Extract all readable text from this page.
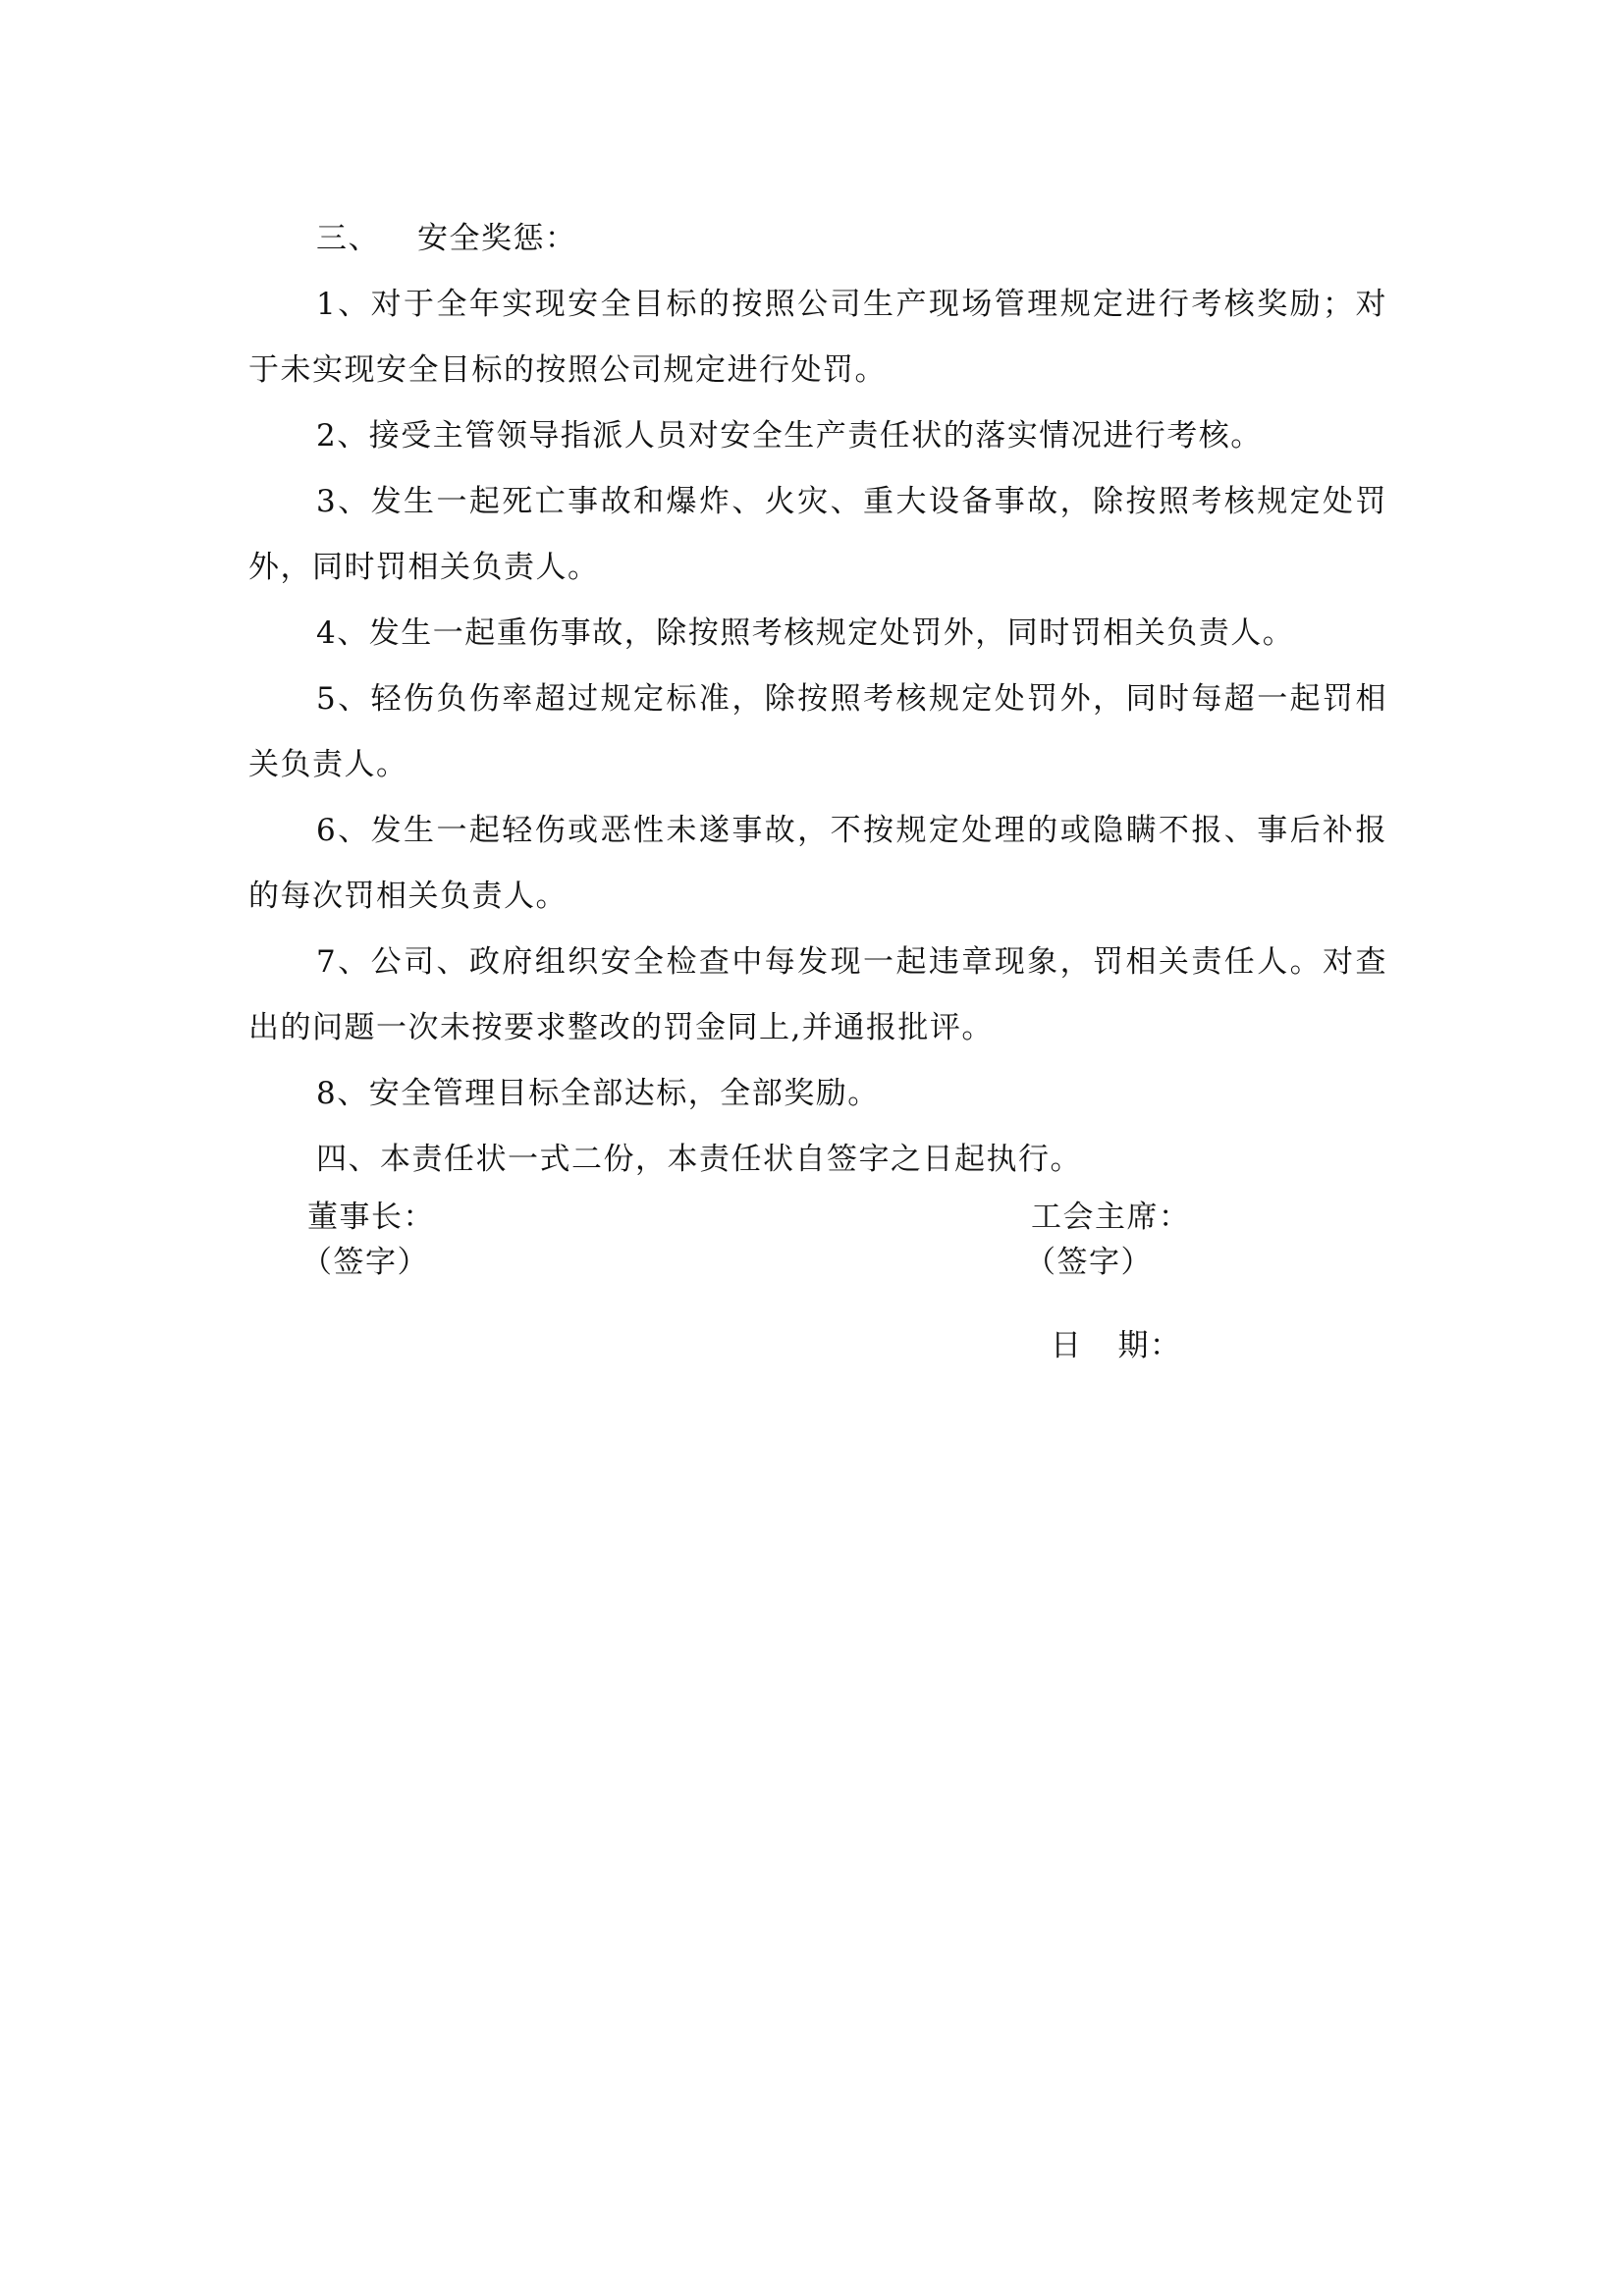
三、 安全奖惩：

1、对于全年实现安全目标的按照公司生产现场管理规定进行考核奖励；对于未实现安全目标的按照公司规定进行处罚。

2、接受主管领导指派人员对安全生产责任状的落实情况进行考核。

3、发生一起死亡事故和爆炸、火灾、重大设备事故，除按照考核规定处罚外，同时罚相关负责人。

4、发生一起重伤事故，除按照考核规定处罚外，同时罚相关负责人。

5、轻伤负伤率超过规定标准，除按照考核规定处罚外，同时每超一起罚相关负责人。

6、发生一起轻伤或恶性未遂事故，不按规定处理的或隐瞒不报、事后补报的每次罚相关负责人。

7、公司、政府组织安全检查中每发现一起违章现象，罚相关责任人。对查出的问题一次未按要求整改的罚金同上,并通报批评。

8、安全管理目标全部达标，全部奖励。

四、本责任状一式二份，本责任状自签字之日起执行。

董事长：
（签字）
工会主席：
（签字）
日 期：
